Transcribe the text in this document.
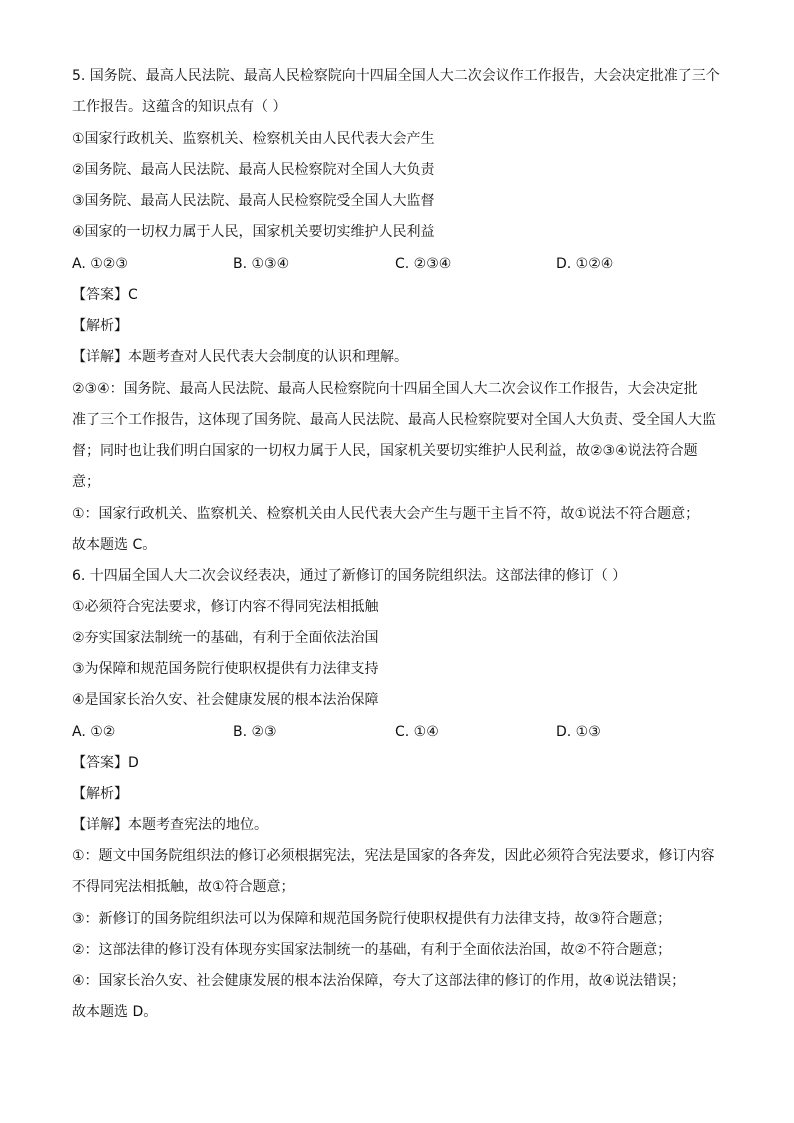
5. 国务院、最高人民法院、最高人民检察院向十四届全国人大二次会议作工作报告，大会决定批准了三个
工作报告。这蕴含的知识点有（ ）
①国家行政机关、监察机关、检察机关由人民代表大会产生
②国务院、最高人民法院、最高人民检察院对全国人大负责
③国务院、最高人民法院、最高人民检察院受全国人大监督
④国家的一切权力属于人民，国家机关要切实维护人民利益
A. ①②③	B. ①③④	C. ②③④	D. ①②④
【答案】C
【解析】
【详解】本题考查对人民代表大会制度的认识和理解。
②③④：国务院、最高人民法院、最高人民检察院向十四届全国人大二次会议作工作报告，大会决定批
准了三个工作报告，这体现了国务院、最高人民法院、最高人民检察院要对全国人大负责、受全国人大监
督；同时也让我们明白国家的一切权力属于人民，国家机关要切实维护人民利益，故②③④说法符合题
意；
①：国家行政机关、监察机关、检察机关由人民代表大会产生与题干主旨不符，故①说法不符合题意；
故本题选 C。
6. 十四届全国人大二次会议经表决，通过了新修订的国务院组织法。这部法律的修订（ ）
①必须符合宪法要求，修订内容不得同宪法相抵触
②夯实国家法制统一的基础，有利于全面依法治国
③为保障和规范国务院行使职权提供有力法律支持
④是国家长治久安、社会健康发展的根本法治保障
A. ①②	B. ②③	C. ①④	D. ①③
【答案】D
【解析】
【详解】本题考查宪法的地位。
①：题文中国务院组织法的修订必须根据宪法，宪法是国家的各奔发，因此必须符合宪法要求，修订内容
不得同宪法相抵触，故①符合题意；
③：新修订的国务院组织法可以为保障和规范国务院行使职权提供有力法律支持，故③符合题意；
②：这部法律的修订没有体现夯实国家法制统一的基础，有利于全面依法治国，故②不符合题意；
④：国家长治久安、社会健康发展的根本法治保障，夸大了这部法律的修订的作用，故④说法错误；
故本题选 D。
